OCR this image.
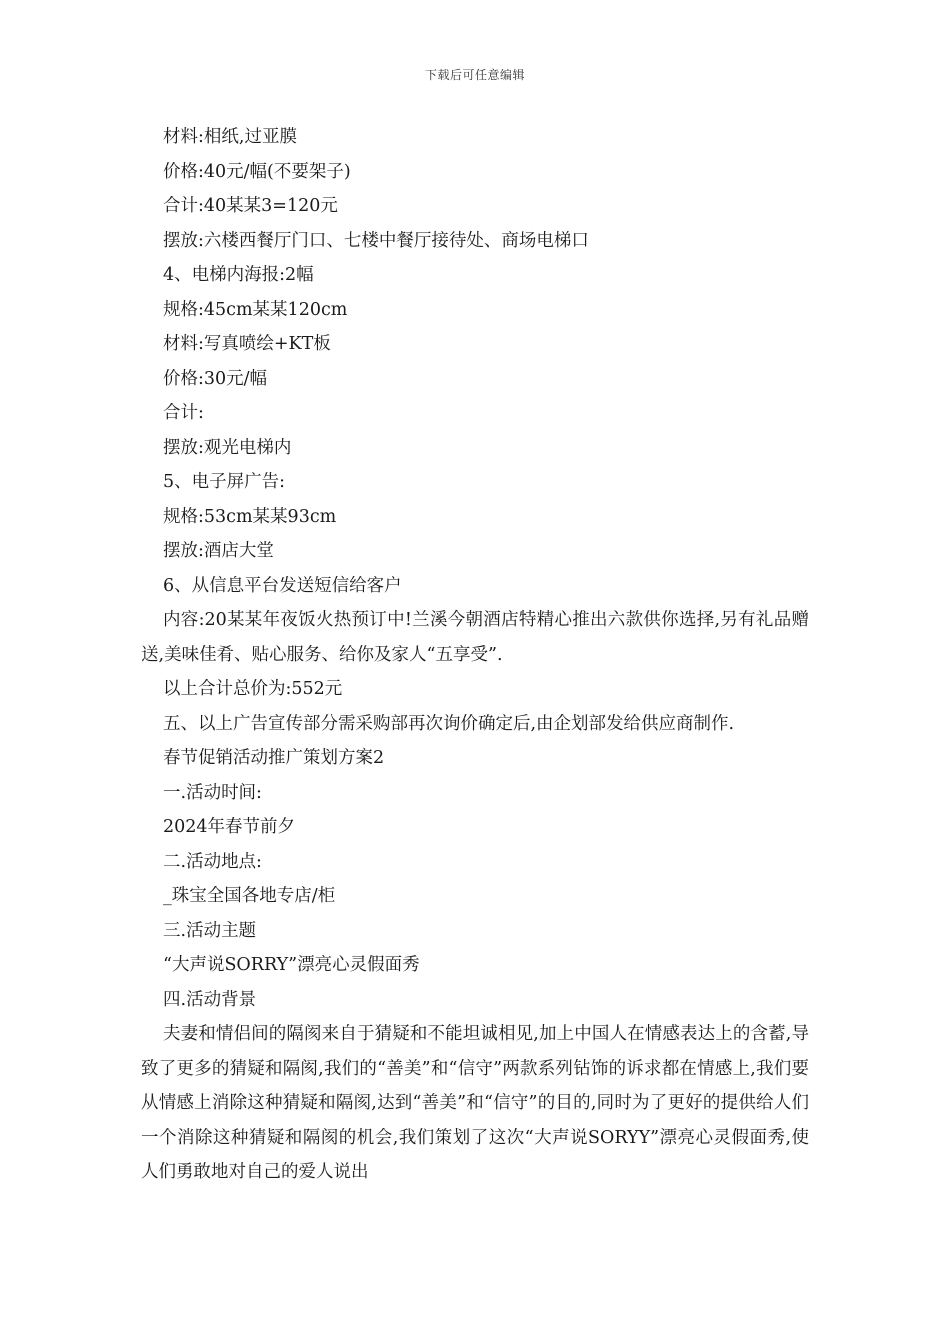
下载后可任意编辑
材料:相纸,过亚膜
价格:40元/幅(不要架子)
合计:40某某3=120元
摆放:六楼西餐厅门口、七楼中餐厅接待处、商场电梯口
4、电梯内海报:2幅
规格:45cm某某120cm
材料:写真喷绘+KT板
价格:30元/幅
合计:
摆放:观光电梯内
5、电子屏广告:
规格:53cm某某93cm
摆放:酒店大堂
6、从信息平台发送短信给客户

内容:20某某年夜饭火热预订中!兰溪今朝酒店特精心推出六款供你选择,另有礼品赠送,美味佳肴、贴心服务、给你及家人“五享受”.

以上合计总价为:552元
五、以上广告宣传部分需采购部再次询价确定后,由企划部发给供应商制作.
春节促销活动推广策划方案2
一.活动时间:
2024年春节前夕
二.活动地点:
_珠宝全国各地专店/柜
三.活动主题
“大声说SORRY”漂亮心灵假面秀
四.活动背景

夫妻和情侣间的隔阂来自于猜疑和不能坦诚相见,加上中国人在情感表达上的含蓄,导致了更多的猜疑和隔阂,我们的“善美”和“信守”两款系列钻饰的诉求都在情感上,我们要从情感上消除这种猜疑和隔阂,达到“善美”和“信守”的目的,同时为了更好的提供给人们一个消除这种猜疑和隔阂的机会,我们策划了这次“大声说SORYY”漂亮心灵假面秀,使人们勇敢地对自己的爱人说出
